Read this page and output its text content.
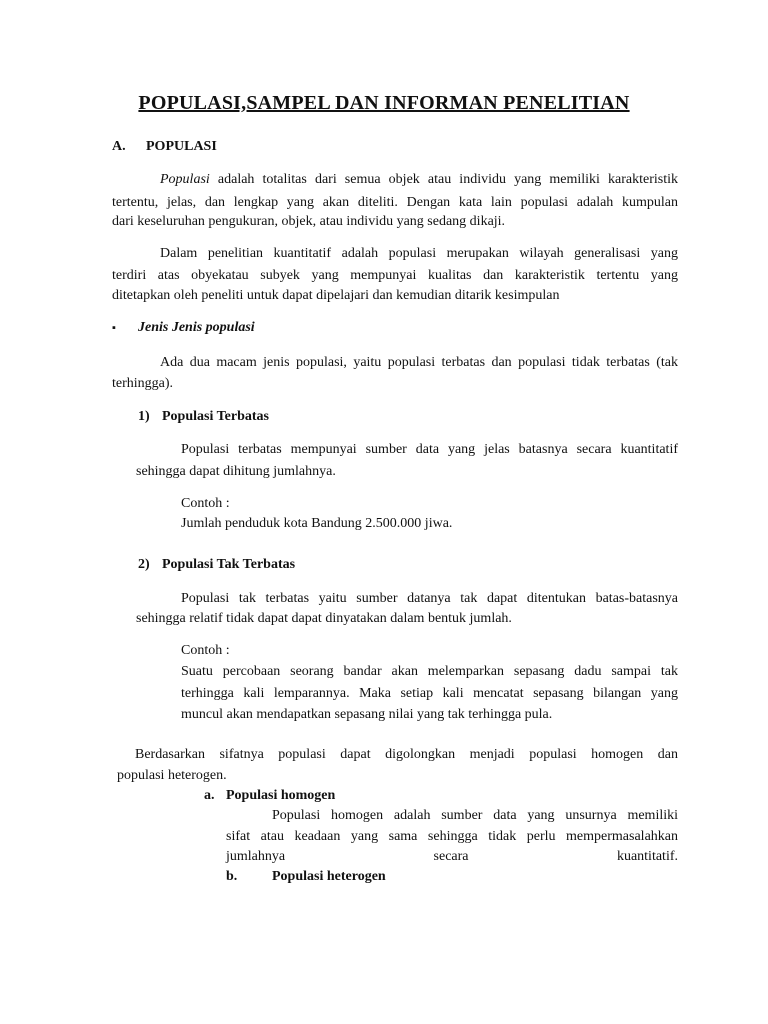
POPULASI,SAMPEL DAN INFORMAN PENELITIAN
A. POPULASI
Populasi adalah totalitas dari semua objek atau individu yang memiliki karakteristik
tertentu, jelas, dan lengkap yang akan diteliti. Dengan kata lain populasi adalah kumpulan
dari keseluruhan pengukuran, objek, atau individu yang sedang dikaji.
Dalam penelitian kuantitatif adalah populasi merupakan wilayah generalisasi yang
terdiri atas obyekatau subyek yang mempunyai kualitas dan karakteristik tertentu yang
ditetapkan oleh peneliti untuk dapat dipelajari dan kemudian ditarik kesimpulan
▪ Jenis Jenis populasi
Ada dua macam jenis populasi, yaitu populasi terbatas dan populasi tidak terbatas (tak
terhingga).
1) Populasi Terbatas
Populasi terbatas mempunyai sumber data yang jelas batasnya secara kuantitatif
sehingga dapat dihitung jumlahnya.
Contoh :
Jumlah penduduk kota Bandung 2.500.000 jiwa.
2) Populasi Tak Terbatas
Populasi tak terbatas yaitu sumber datanya tak dapat ditentukan batas-batasnya
sehingga relatif tidak dapat dapat dinyatakan dalam bentuk jumlah.
Contoh :
Suatu percobaan seorang bandar akan melemparkan sepasang dadu sampai tak
terhingga kali lemparannya. Maka setiap kali mencatat sepasang bilangan yang
muncul akan mendapatkan sepasang nilai yang tak terhingga pula.
Berdasarkan sifatnya populasi dapat digolongkan menjadi populasi homogen dan
populasi heterogen.
a. Populasi homogen
Populasi homogen adalah sumber data yang unsurnya memiliki
sifat atau keadaan yang sama sehingga tidak perlu mempermasalahkan
jumlahnya	secara	kuantitatif.
b. Populasi heterogen
